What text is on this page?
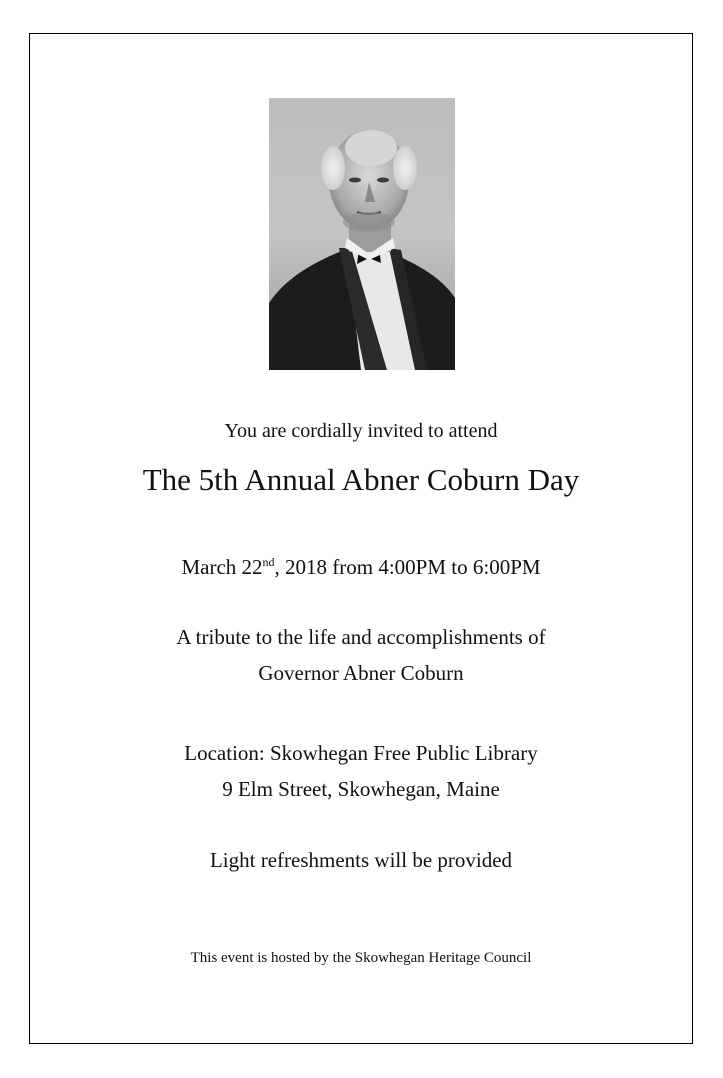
You are cordially invited to attend
The 5th Annual Abner Coburn Day
March 22nd, 2018 from 4:00PM to 6:00PM
A tribute to the life and accomplishments of
Governor Abner Coburn
Location: Skowhegan Free Public Library
9 Elm Street, Skowhegan, Maine
Light refreshments will be provided
This event is hosted by the Skowhegan Heritage Council
